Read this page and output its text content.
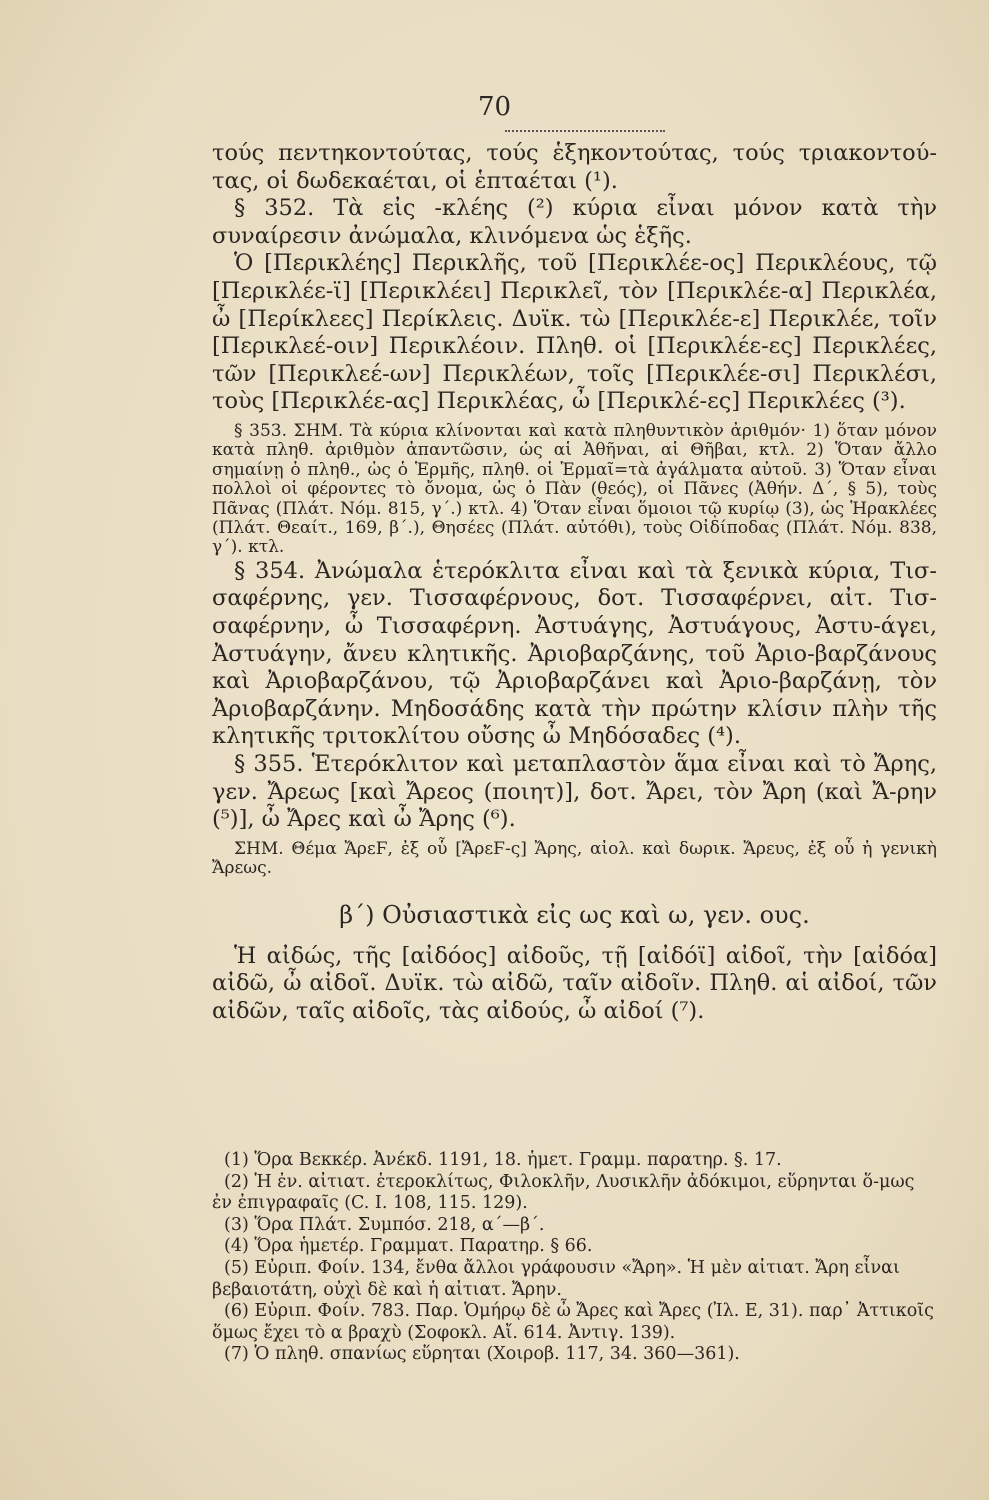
70

τούς πεντηκοντούτας, τούς ἑξηκοντούτας, τούς τριακοντού-τας, οἱ δωδεκαέται, οἱ ἑπταέται (¹).

§ 352. Τὰ εἰς -κλέης (²) κύρια εἶναι μόνον κατὰ τὴν συναίρεσιν ἀνώμαλα, κλινόμενα ὡς ἑξῆς.

Ὁ [Περικλέης] Περικλῆς, τοῦ [Περικλέε-ος] Περικλέους, τῷ [Περικλέε-ϊ] [Περικλέει] Περικλεῖ, τὸν [Περικλέε-α] Περικλέα, ὦ [Περίκλεες] Περίκλεις. Δυϊκ. τὼ [Περικλέε-ε] Περικλέε, τοῖν [Περικλεέ-οιν] Περικλέοιν. Πληθ. οἱ [Περικλέε-ες] Περικλέες, τῶν [Περικλεέ-ων] Περικλέων, τοῖς [Περικλέε-σι] Περικλέσι, τοὺς [Περικλέε-ας] Περικλέας, ὦ [Περικλέ-ες] Περικλέες (³).

§ 353. ΣΗΜ. Τὰ κύρια κλίνονται καὶ κατὰ πληθυντικὸν ἀριθμόν· 1) ὅταν μόνον κατὰ πληθ. ἀριθμὸν ἀπαντῶσιν, ὡς αἱ Ἀθῆναι, αἱ Θῆβαι, κτλ. 2) Ὅταν ἄλλο σημαίνῃ ὁ πληθ., ὡς ὁ Ἑρμῆς, πληθ. οἱ Ἑρμαῖ=τὰ ἀγάλματα αὐτοῦ. 3) Ὅταν εἶναι πολλοὶ οἱ φέροντες τὸ ὄνομα, ὡς ὁ Πὰν (θεός), οἱ Πᾶνες (Ἀθήν. Δ΄, § 5), τοὺς Πᾶνας (Πλάτ. Νόμ. 815, γ΄.) κτλ. 4) Ὅταν εἶναι ὅμοιοι τῷ κυρίῳ (3), ὡς Ἡρακλέες (Πλάτ. Θεαίτ., 169, β΄.), Θησέες (Πλάτ. αὐτόθι), τοὺς Οἰδίποδας (Πλάτ. Νόμ. 838, γ΄). κτλ.

§ 354. Ἀνώμαλα ἑτερόκλιτα εἶναι καὶ τὰ ξενικὰ κύρια, Τισ-σαφέρνης, γεν. Τισσαφέρνους, δοτ. Τισσαφέρνει, αἰτ. Τισ-σαφέρνην, ὦ Τισσαφέρνη. Ἀστυάγης, Ἀστυάγους, Ἀστυ-άγει, Ἀστυάγην, ἄνευ κλητικῆς. Ἀριοβαρζάνης, τοῦ Ἀριο-βαρζάνους καὶ Ἀριοβαρζάνου, τῷ Ἀριοβαρζάνει καὶ Ἀριο-βαρζάνῃ, τὸν Ἀριοβαρζάνην. Μηδοσάδης κατὰ τὴν πρώτην κλίσιν πλὴν τῆς κλητικῆς τριτοκλίτου οὔσης ὦ Μηδόσαδες (⁴).

§ 355. Ἑτερόκλιτον καὶ μεταπλαστὸν ἅμα εἶναι καὶ τὸ Ἄρης, γεν. Ἄρεως [καὶ Ἄρεος (ποιητ)], δοτ. Ἄρει, τὸν Ἄρη (καὶ Ἄ-ρην (⁵)], ὦ Ἄρες καὶ ὦ Ἄρης (⁶).

ΣΗΜ. Θέμα ἌρεϜ, ἐξ οὗ [ἌρεϜ-ς] Ἄρης, αἰολ. καὶ δωρικ. Ἄρευς, ἐξ οὗ ἡ γενικὴ Ἄρεως.

β΄) Οὐσιαστικὰ εἰς ως καὶ ω, γεν. ους.

Ἡ αἰδώς, τῆς [αἰδόος] αἰδοῦς, τῇ [αἰδόϊ] αἰδοῖ, τὴν [αἰδόα] αἰδῶ, ὦ αἰδοῖ. Δυϊκ. τὼ αἰδῶ, ταῖν αἰδοῖν. Πληθ. αἱ αἰδοί, τῶν αἰδῶν, ταῖς αἰδοῖς, τὰς αἰδούς, ὦ αἰδοί (⁷).

(1) Ὅρα Βεκκέρ. Ἀνέκδ. 1191, 18. ἡμετ. Γραμμ. παρατηρ. §. 17.

(2) Ἡ ἐν. αἰτιατ. ἑτεροκλίτως, Φιλοκλῆν, Λυσικλῆν ἀδόκιμοι, εὕρηνται ὅ-μως ἐν ἐπιγραφαῖς (C. I. 108, 115. 129).

(3) Ὅρα Πλάτ. Συμπόσ. 218, α΄—β΄.

(4) Ὅρα ἡμετέρ. Γραμματ. Παρατηρ. § 66.

(5) Εὐριπ. Φοίν. 134, ἔνθα ἄλλοι γράφουσιν «Ἄρη». Ἡ μὲν αἰτιατ. Ἄρη εἶναι βεβαιοτάτη, οὐχὶ δὲ καὶ ἡ αἰτιατ. Ἄρην.

(6) Εὐριπ. Φοίν. 783. Παρ. Ὁμήρῳ δὲ ὦ Ἄρες καὶ Ἄρες (Ἰλ. Ε, 31). παρ᾽ Ἀττικοῖς ὅμως ἔχει τὸ α βραχὺ (Σοφοκλ. Αἴ. 614. Ἀντιγ. 139).

(7) Ὁ πληθ. σπανίως εὕρηται (Χοιροβ. 117, 34. 360—361).
